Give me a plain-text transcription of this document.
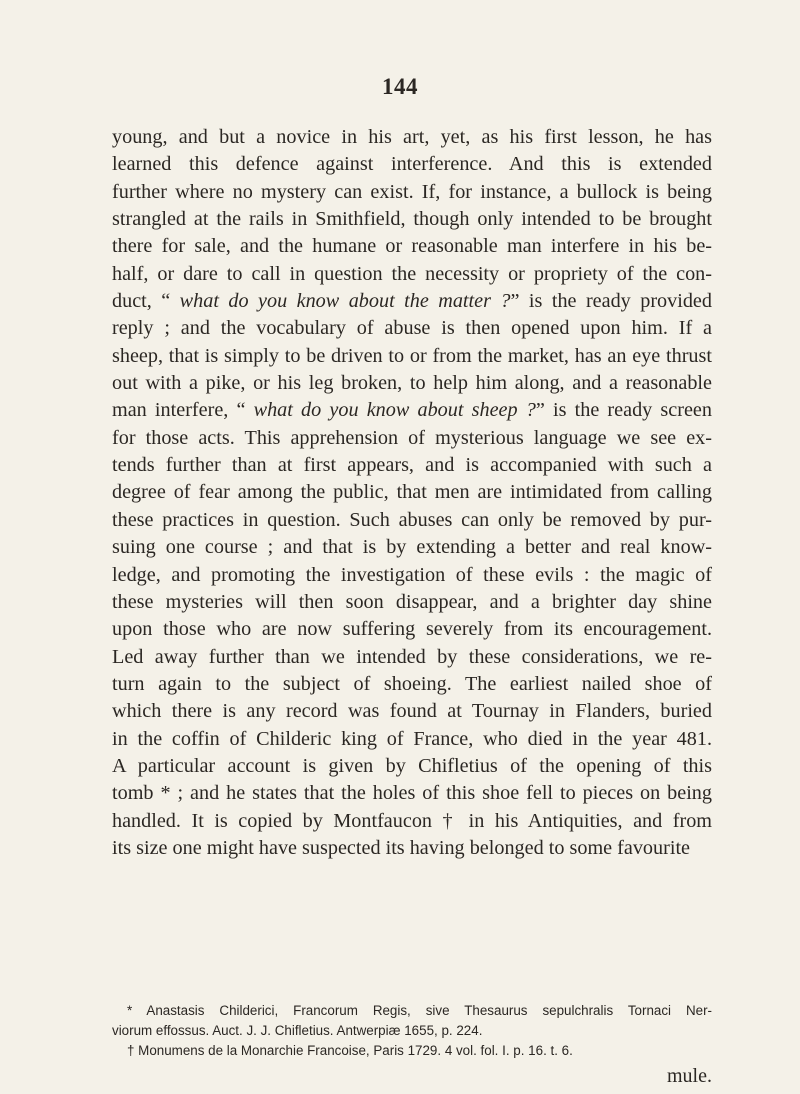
144
young, and but a novice in his art, yet, as his first lesson, he has
learned this defence against interference. And this is extended
further where no mystery can exist. If, for instance, a bullock is being
strangled at the rails in Smithfield, though only intended to be brought
there for sale, and the humane or reasonable man interfere in his be-
half, or dare to call in question the necessity or propriety of the con-
duct, “ what do you know about the matter ?” is the ready provided
reply ; and the vocabulary of abuse is then opened upon him. If a
sheep, that is simply to be driven to or from the market, has an eye thrust
out with a pike, or his leg broken, to help him along, and a reasonable
man interfere, “ what do you know about sheep ?” is the ready screen
for those acts. This apprehension of mysterious language we see ex-
tends further than at first appears, and is accompanied with such a
degree of fear among the public, that men are intimidated from calling
these practices in question. Such abuses can only be removed by pur-
suing one course ; and that is by extending a better and real know-
ledge, and promoting the investigation of these evils : the magic of
these mysteries will then soon disappear, and a brighter day shine
upon those who are now suffering severely from its encouragement.
Led away further than we intended by these considerations, we re-
turn again to the subject of shoeing. The earliest nailed shoe of
which there is any record was found at Tournay in Flanders, buried
in the coffin of Childeric king of France, who died in the year 481.
A particular account is given by Chifletius of the opening of this
tomb * ; and he states that the holes of this shoe fell to pieces on being
handled. It is copied by Montfaucon † in his Antiquities, and from
its size one might have suspected its having belonged to some favourite
* Anastasis Childerici, Francorum Regis, sive Thesaurus sepulchralis Tornaci Ner-
viorum effossus. Auct. J. J. Chifletius. Antwerpiæ 1655, p. 224.
† Monumens de la Monarchie Francoise, Paris 1729. 4 vol. fol. I. p. 16. t. 6.
mule.
